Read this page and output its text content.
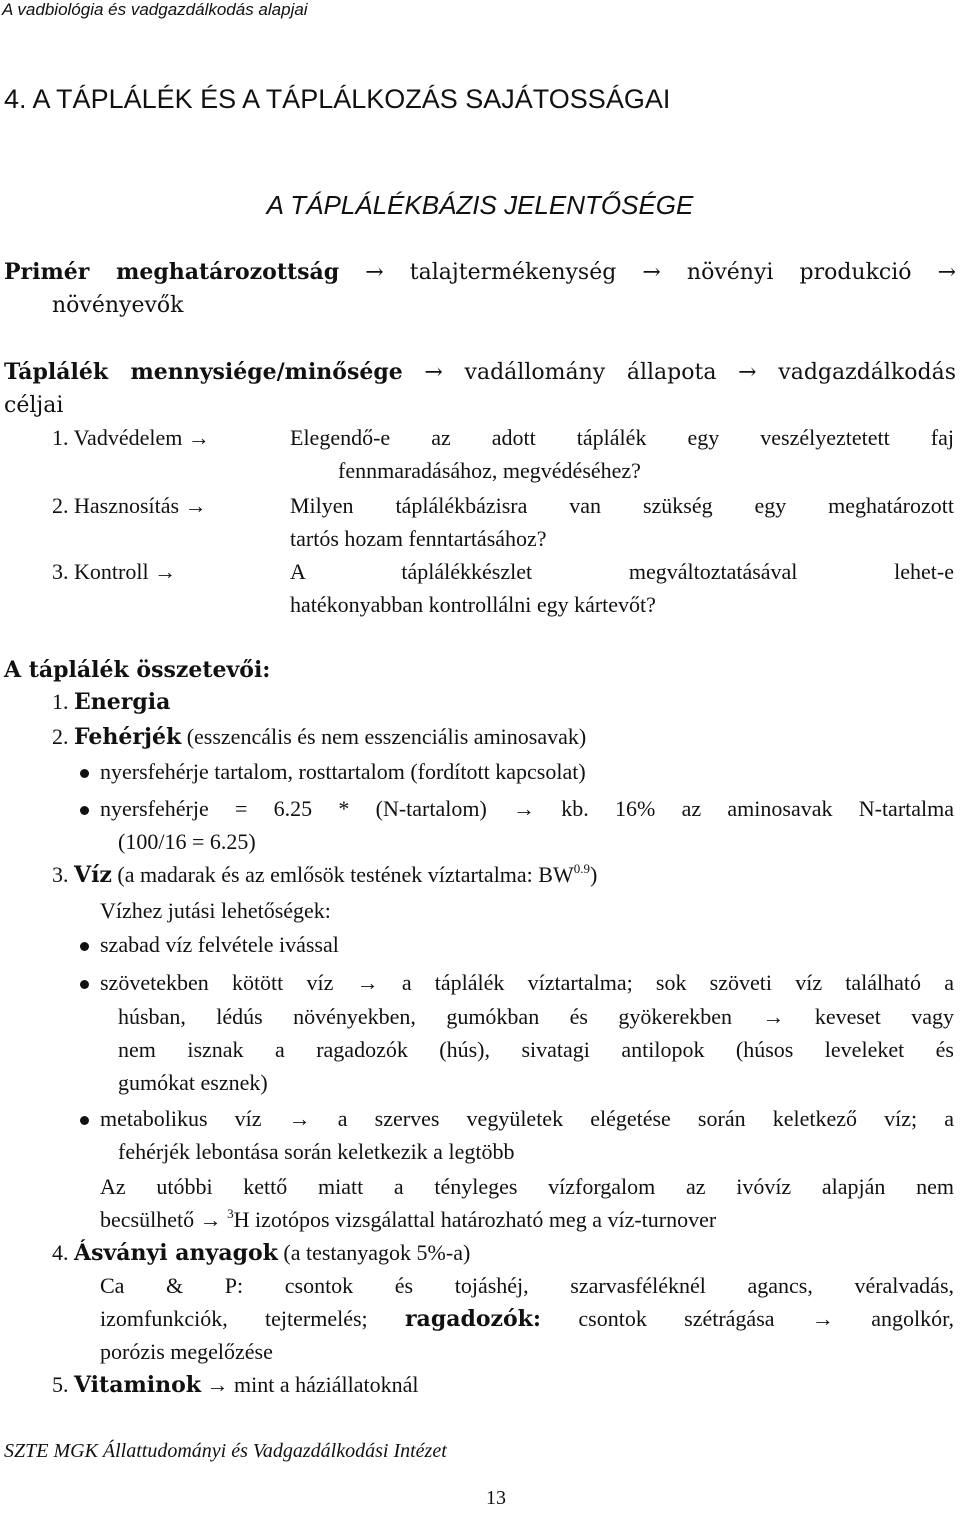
A vadbiológia és vadgazdálkodás alapjai
4. A TÁPLÁLÉK ÉS A TÁPLÁLKOZÁS SAJÁTOSSÁGAI
A TÁPLÁLÉKBÁZIS JELENTŐSÉGE
Primér meghatározottság → talajtermékenység → növényi produkció →
növényevők
Táplálék mennysiége/minősége → vadállomány állapota → vadgazdálkodás
céljai
1. Vadvédelem →	Elegendő-e az adott táplálék egy veszélyeztetett faj
fennmaradásához, megvédéséhez?
2. Hasznosítás →	Milyen táplálékbázisra van szükség egy meghatározott
tartós hozam fenntartásához?
3. Kontroll →	A táplálékkészlet megváltoztatásával lehet-e
hatékonyabban kontrollálni egy kártevőt?
A táplálék összetevői:
1. Energia
2. Fehérjék (esszencális és nem esszenciális aminosavak)
nyersfehérje tartalom, rosttartalom (fordított kapcsolat)
nyersfehérje = 6.25 * (N-tartalom) → kb. 16% az aminosavak N-tartalma
(100/16 = 6.25)
3. Víz (a madarak és az emlősök testének víztartalma: $BW^{0.9}$)
Vízhez jutási lehetőségek:
szabad víz felvétele ivással
szövetekben kötött víz → a táplálék víztartalma; sok szöveti víz található a
húsban, lédús növényekben, gumókban és gyökerekben → keveset vagy
nem isznak a ragadozók (hús), sivatagi antilopok (húsos leveleket és
gumókat esznek)
metabolikus víz → a szerves vegyületek elégetése során keletkező víz; a
fehérjék lebontása során keletkezik a legtöbb
Az utóbbi kettő miatt a tényleges vízforgalom az ivóvíz alapján nem
becsülhető → $^3$H izotópos vizsgálattal határozható meg a víz-turnover
4. Ásványi anyagok (a testanyagok 5%-a)
Ca & P: csontok és tojáshéj, szarvasféléknél agancs, véralvadás,
izomfunkciók, tejtermelés; ragadozók: csontok szétrágása → angolkór,
porózis megelőzése
5. Vitaminok → mint a háziállatoknál
SZTE MGK Állattudományi és Vadgazdálkodási Intézet
13
